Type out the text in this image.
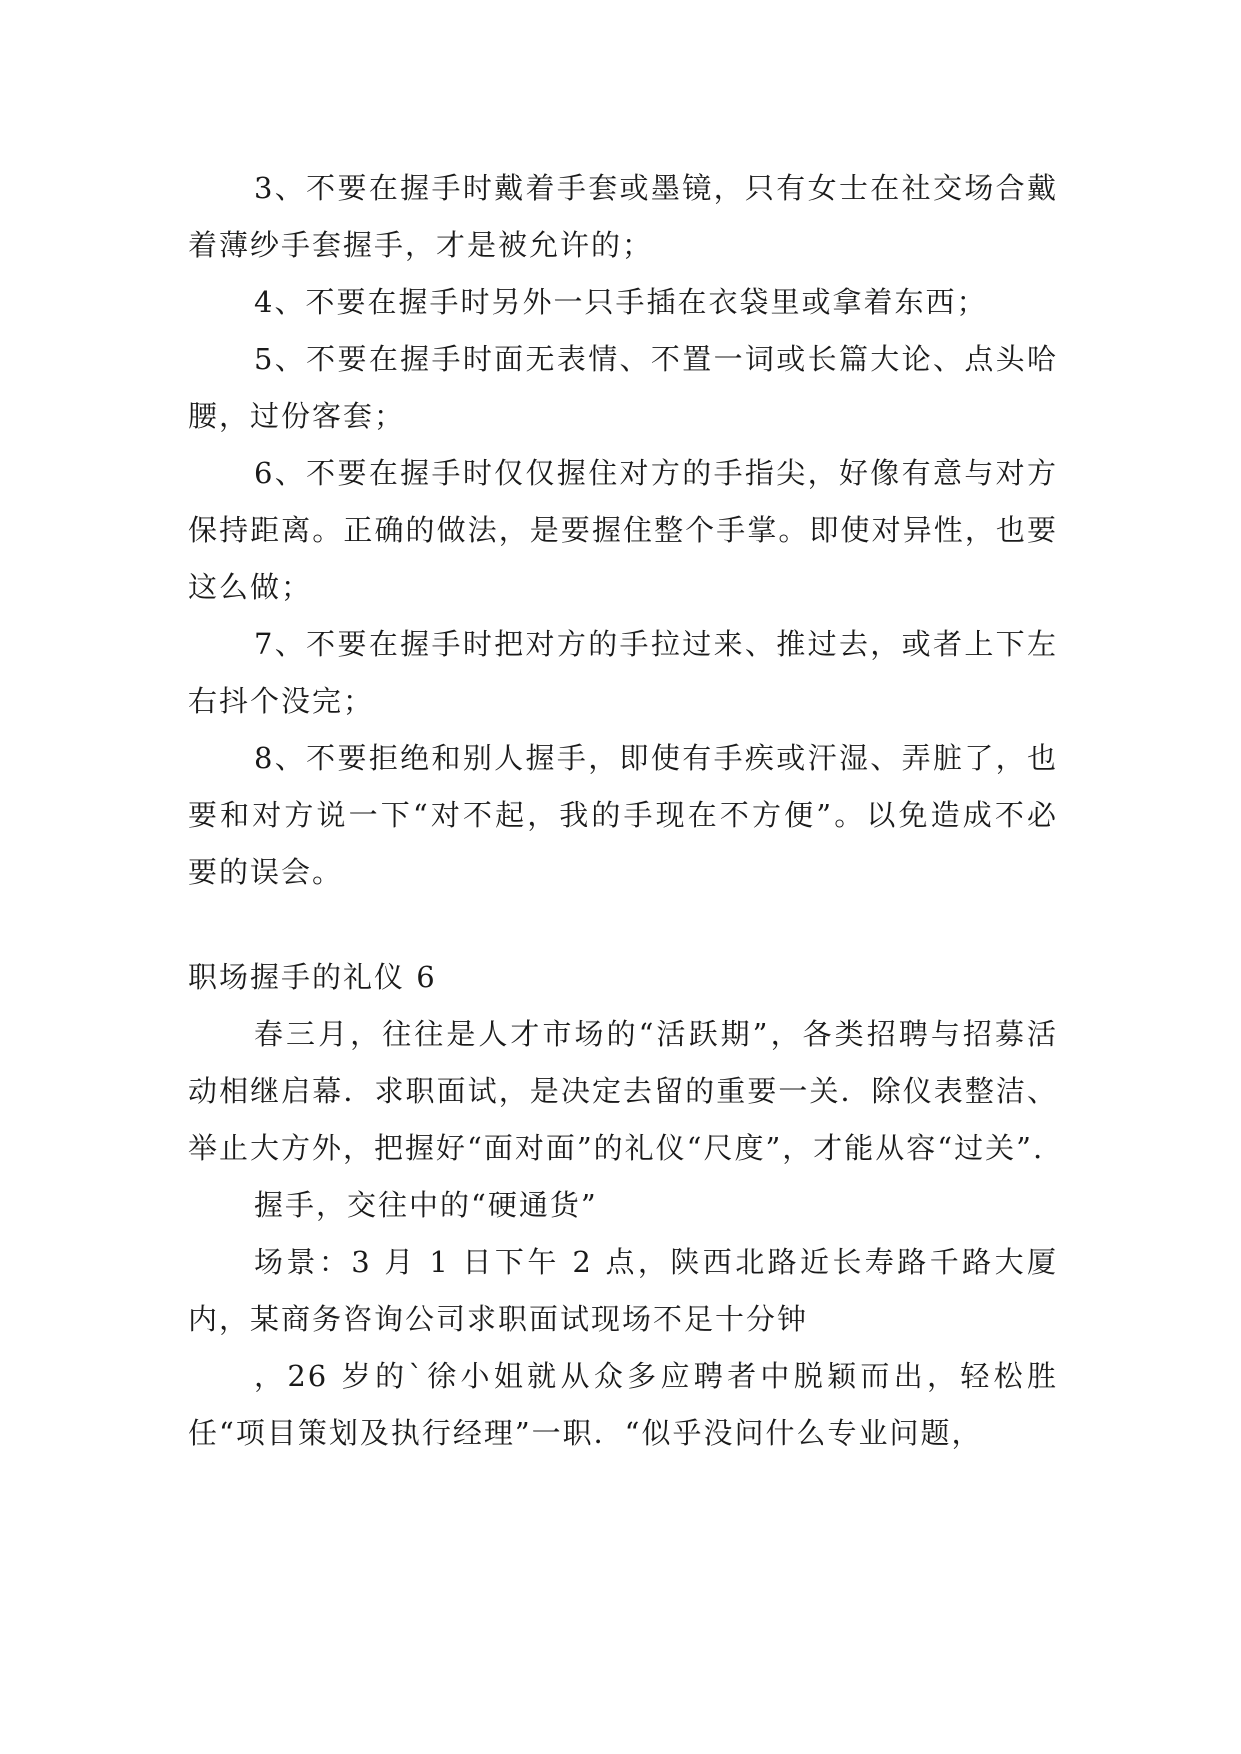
3、不要在握手时戴着手套或墨镜，只有女士在社交场合戴着薄纱手套握手，才是被允许的；

4、不要在握手时另外一只手插在衣袋里或拿着东西；

5、不要在握手时面无表情、不置一词或长篇大论、点头哈腰，过份客套；

6、不要在握手时仅仅握住对方的手指尖，好像有意与对方保持距离。正确的做法，是要握住整个手掌。即使对异性，也要这么做；

7、不要在握手时把对方的手拉过来、推过去，或者上下左右抖个没完；

8、不要拒绝和别人握手，即使有手疾或汗湿、弄脏了，也要和对方说一下“对不起，我的手现在不方便”。以免造成不必要的误会。

职场握手的礼仪 6

春三月，往往是人才市场的“活跃期”，各类招聘与招募活动相继启幕．求职面试，是决定去留的重要一关．除仪表整洁、举止大方外，把握好“面对面”的礼仪“尺度”，才能从容“过关”.

握手，交往中的“硬通货”

场景：3 月 1 日下午 2 点，陕西北路近长寿路千路大厦内，某商务咨询公司求职面试现场不足十分钟

，26 岁的`徐小姐就从众多应聘者中脱颖而出，轻松胜任“项目策划及执行经理”一职．“似乎没问什么专业问题，
